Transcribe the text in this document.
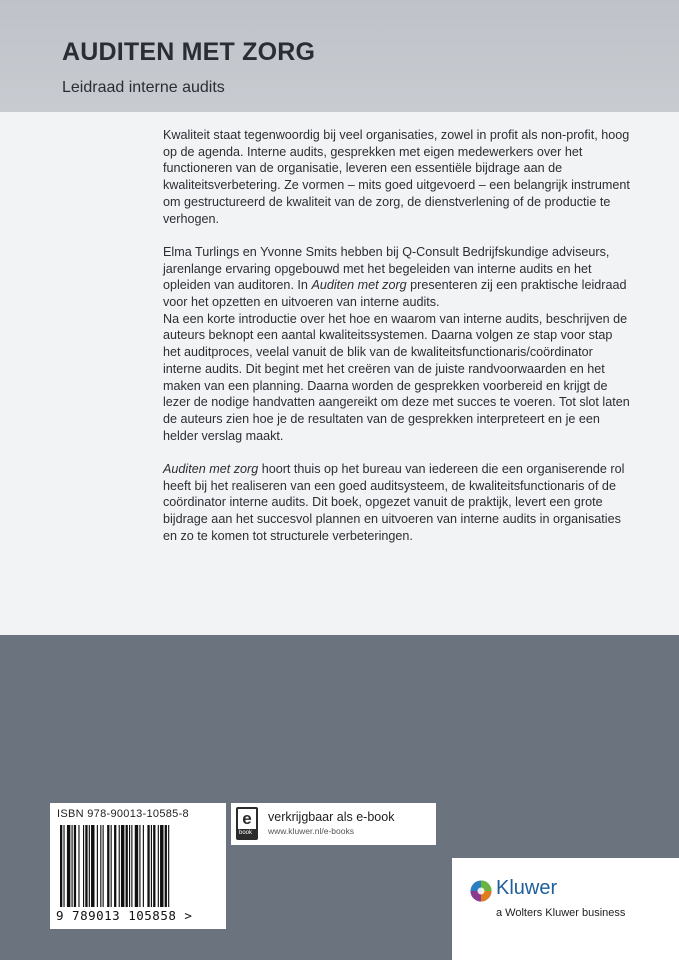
AUDITEN MET ZORG
Leidraad interne audits

Kwaliteit staat tegenwoordig bij veel organisaties, zowel in profit als non-profit, hoog op de agenda. Interne audits, gesprekken met eigen medewerkers over het functioneren van de organisatie, leveren een essentiële bijdrage aan de kwaliteitsverbetering. Ze vormen – mits goed uitgevoerd – een belangrijk instrument om gestructureerd de kwaliteit van de zorg, de dienstverlening of de productie te verhogen.

Elma Turlings en Yvonne Smits hebben bij Q-Consult Bedrijfskundige adviseurs, jarenlange ervaring opgebouwd met het begeleiden van interne audits en het opleiden van auditoren. In Auditen met zorg presenteren zij een praktische leidraad voor het opzetten en uitvoeren van interne audits.

Na een korte introductie over het hoe en waarom van interne audits, beschrijven de auteurs beknopt een aantal kwaliteitssystemen. Daarna volgen ze stap voor stap het auditproces, veelal vanuit de blik van de kwaliteitsfunctionaris/coördinator interne audits. Dit begint met het creëren van de juiste randvoorwaarden en het maken van een planning. Daarna worden de gesprekken voorbereid en krijgt de lezer de nodige handvatten aangereikt om deze met succes te voeren. Tot slot laten de auteurs zien hoe je de resultaten van de gesprekken interpreteert en je een helder verslag maakt.

Auditen met zorg hoort thuis op het bureau van iedereen die een organiserende rol heeft bij het realiseren van een goed auditsysteem, de kwaliteitsfunctionaris of de coördinator interne audits. Dit boek, opgezet vanuit de praktijk, levert een grote bijdrage aan het succesvol plannen en uitvoeren van interne audits in organisaties en zo te komen tot structurele verbeteringen.

ISBN 978-90013-10585-8
9 789013 105858 >
e
book
verkrijgbaar als e-book
www.kluwer.nl/e-books
Kluwer
a Wolters Kluwer business
